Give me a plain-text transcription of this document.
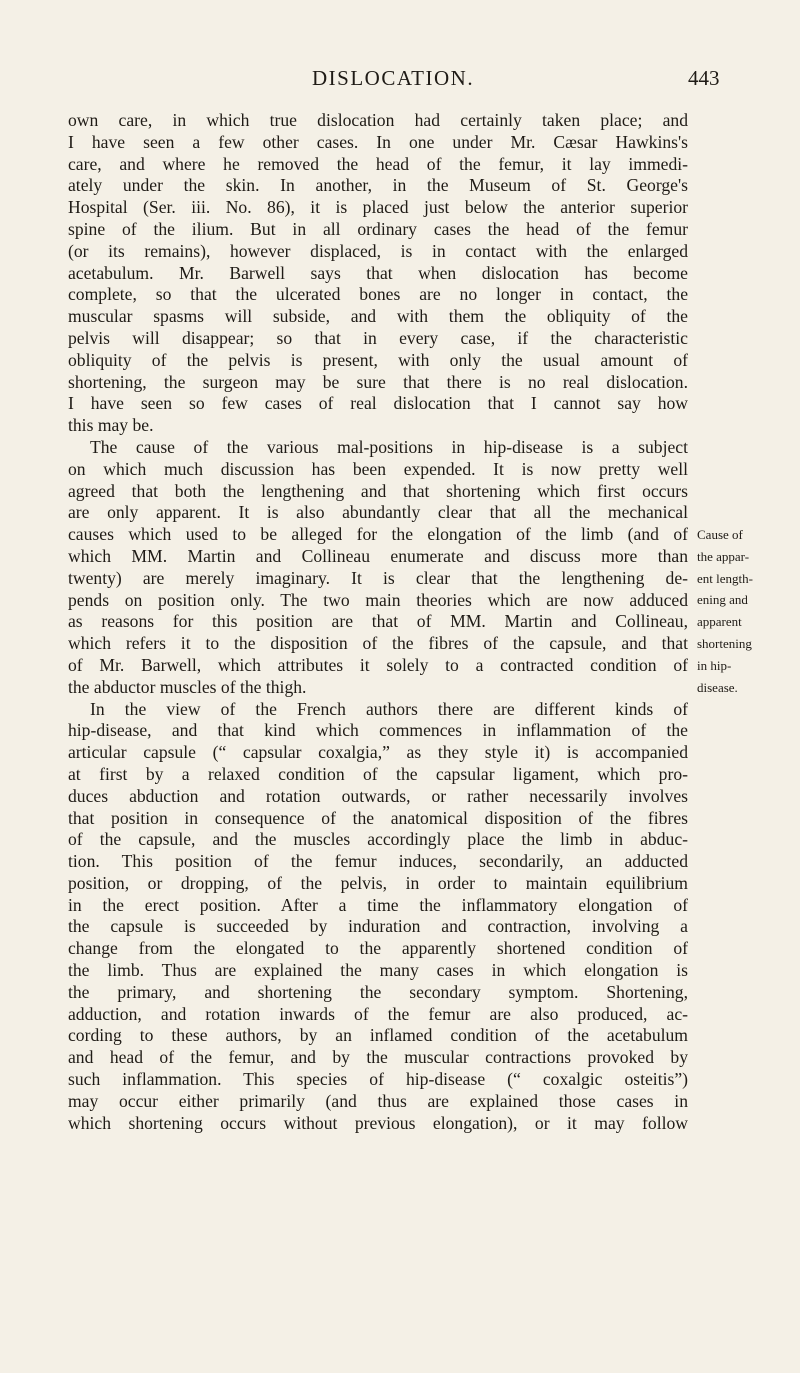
DISLOCATION.	443
own care, in which true dislocation had certainly taken place; and
I have seen a few other cases. In one under Mr. Cæsar Hawkins's
care, and where he removed the head of the femur, it lay immedi-
ately under the skin. In another, in the Museum of St. George's
Hospital (Ser. iii. No. 86), it is placed just below the anterior superior
spine of the ilium. But in all ordinary cases the head of the femur
(or its remains), however displaced, is in contact with the enlarged
acetabulum. Mr. Barwell says that when dislocation has become
complete, so that the ulcerated bones are no longer in contact, the
muscular spasms will subside, and with them the obliquity of the
pelvis will disappear; so that in every case, if the characteristic
obliquity of the pelvis is present, with only the usual amount of
shortening, the surgeon may be sure that there is no real dislocation.
I have seen so few cases of real dislocation that I cannot say how
this may be.
The cause of the various mal-positions in hip-disease is a subject
on which much discussion has been expended. It is now pretty well
agreed that both the lengthening and that shortening which first occurs
are only apparent. It is also abundantly clear that all the mechanical
causes which used to be alleged for the elongation of the limb (and of
which MM. Martin and Collineau enumerate and discuss more than
twenty) are merely imaginary. It is clear that the lengthening de-
pends on position only. The two main theories which are now adduced
as reasons for this position are that of MM. Martin and Collineau,
which refers it to the disposition of the fibres of the capsule, and that
of Mr. Barwell, which attributes it solely to a contracted condition of
the abductor muscles of the thigh.
In the view of the French authors there are different kinds of
hip-disease, and that kind which commences in inflammation of the
articular capsule (“ capsular coxalgia,” as they style it) is accompanied
at first by a relaxed condition of the capsular ligament, which pro-
duces abduction and rotation outwards, or rather necessarily involves
that position in consequence of the anatomical disposition of the fibres
of the capsule, and the muscles accordingly place the limb in abduc-
tion. This position of the femur induces, secondarily, an adducted
position, or dropping, of the pelvis, in order to maintain equilibrium
in the erect position. After a time the inflammatory elongation of
the capsule is succeeded by induration and contraction, involving a
change from the elongated to the apparently shortened condition of
the limb. Thus are explained the many cases in which elongation is
the primary, and shortening the secondary symptom. Shortening,
adduction, and rotation inwards of the femur are also produced, ac-
cording to these authors, by an inflamed condition of the acetabulum
and head of the femur, and by the muscular contractions provoked by
such inflammation. This species of hip-disease (“ coxalgic osteitis”)
may occur either primarily (and thus are explained those cases in
which shortening occurs without previous elongation), or it may follow
Cause of
the appar-
ent length-
ening and
apparent
shortening
in hip-
disease.
